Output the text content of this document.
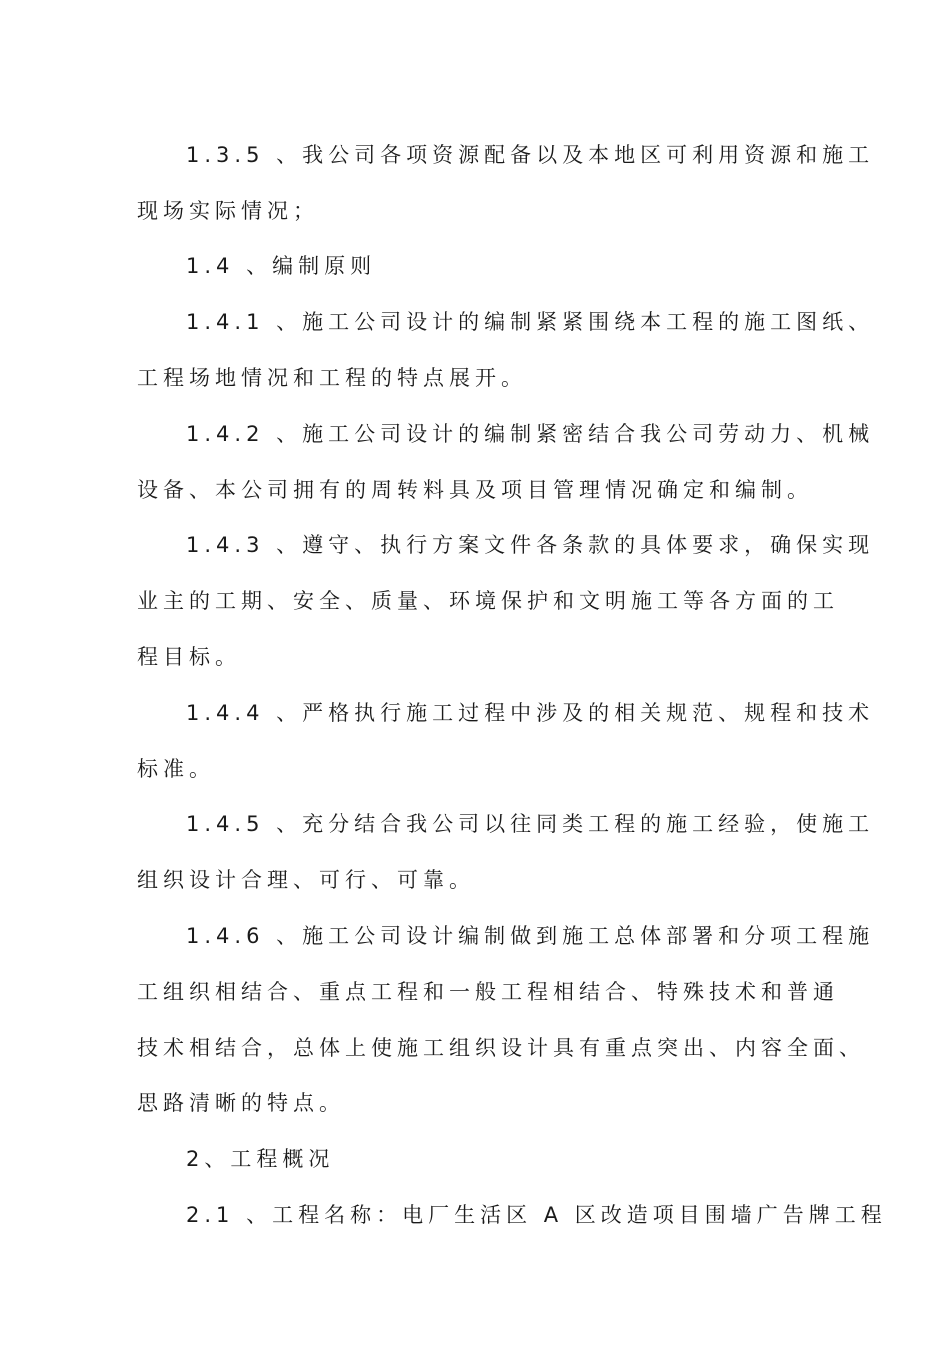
1.3.5 、我公司各项资源配备以及本地区可利用资源和施工
现场实际情况；
1.4 、编制原则
1.4.1 、施工公司设计的编制紧紧围绕本工程的施工图纸、
工程场地情况和工程的特点展开。
1.4.2 、施工公司设计的编制紧密结合我公司劳动力、机械
设备、本公司拥有的周转料具及项目管理情况确定和编制。
1.4.3 、遵守、执行方案文件各条款的具体要求，确保实现
业主的工期、安全、质量、环境保护和文明施工等各方面的工
程目标。
1.4.4 、严格执行施工过程中涉及的相关规范、规程和技术
标准。
1.4.5 、充分结合我公司以往同类工程的施工经验，使施工
组织设计合理、可行、可靠。
1.4.6 、施工公司设计编制做到施工总体部署和分项工程施
工组织相结合、重点工程和一般工程相结合、特殊技术和普通
技术相结合，总体上使施工组织设计具有重点突出、内容全面、
思路清晰的特点。
2、工程概况
2.1 、工程名称：电厂生活区 A 区改造项目围墙广告牌工程
